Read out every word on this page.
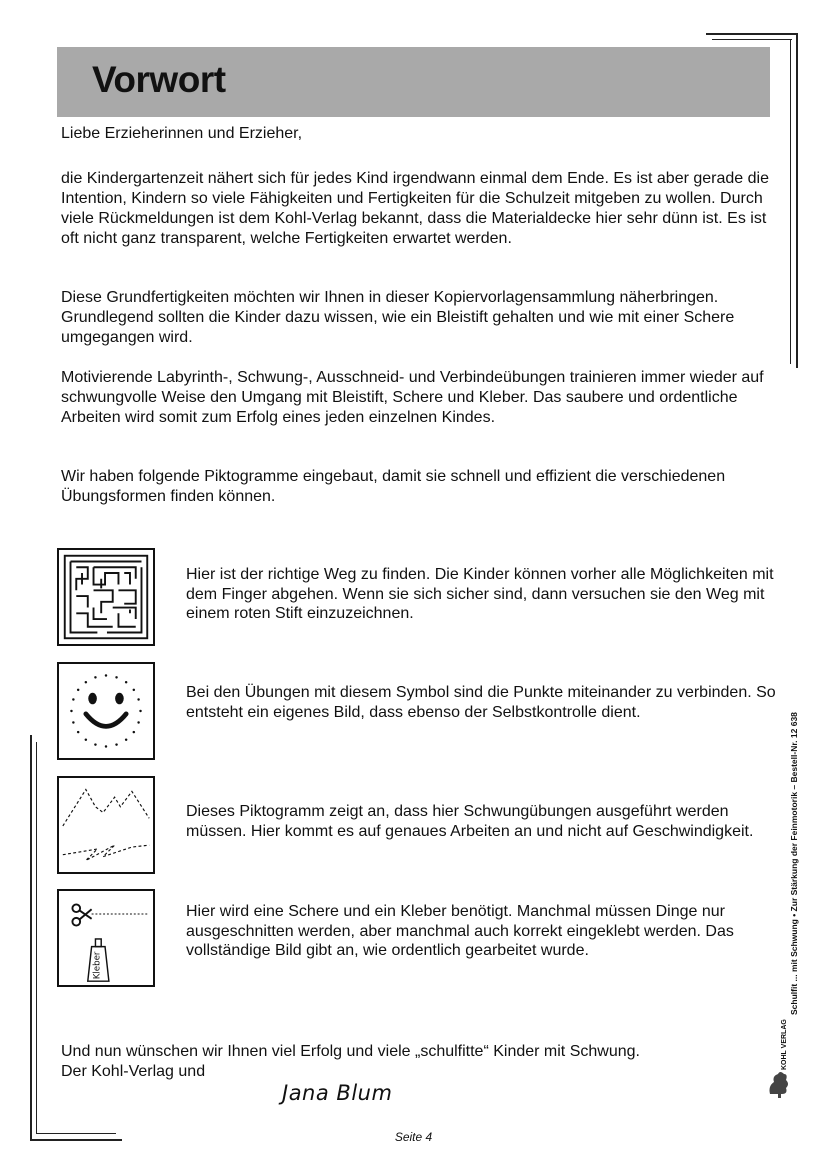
Vorwort

Liebe Erzieherinnen und Erzieher,

die Kindergartenzeit nähert sich für jedes Kind irgendwann einmal dem Ende. Es ist aber gerade die Intention, Kindern so viele Fähigkeiten und Fertigkeiten für die Schulzeit mitgeben zu wollen. Durch viele Rückmeldungen ist dem Kohl-Verlag bekannt, dass die Materialdecke hier sehr dünn ist. Es ist oft nicht ganz transparent, welche Fertigkeiten erwartet werden.

Diese Grundfertigkeiten möchten wir Ihnen in dieser Kopiervorlagensammlung näherbringen. Grundlegend sollten die Kinder dazu wissen, wie ein Bleistift gehalten und wie mit einer Schere umgegangen wird.

Motivierende Labyrinth-, Schwung-, Ausschneid- und Verbindeübungen trainieren immer wieder auf schwungvolle Weise den Umgang mit Bleistift, Schere und Kleber. Das saubere und ordentliche Arbeiten wird somit zum Erfolg eines jeden einzelnen Kindes.

Wir haben folgende Piktogramme eingebaut, damit sie schnell und effizient die verschiedenen Übungsformen finden können.

Hier ist der richtige Weg zu finden. Die Kinder können vorher alle Möglichkeiten mit dem Finger abgehen. Wenn sie sich sicher sind, dann versuchen sie den Weg mit einem roten Stift einzuzeichnen.

Bei den Übungen mit diesem Symbol sind die Punkte miteinander zu verbinden. So entsteht ein eigenes Bild, dass ebenso der Selbstkontrolle dient.

Dieses Piktogramm zeigt an, dass hier Schwungübungen ausgeführt werden müssen. Hier kommt es auf genaues Arbeiten an und nicht auf Geschwindigkeit.

Kleber

Hier wird eine Schere und ein Kleber benötigt. Manchmal müssen Dinge nur ausgeschnitten werden, aber manchmal auch korrekt eingeklebt werden. Das vollständige Bild gibt an, wie ordentlich gearbeitet wurde.

Und nun wünschen wir Ihnen viel Erfolg und viele „schulfitte“ Kinder mit Schwung.

Der Kohl-Verlag und

Jana Blum
Seite 4
Schulfit ... mit Schwung • Zur Stärkung der Feinmotorik – Bestell-Nr. 12 638
KOHL VERLAG
